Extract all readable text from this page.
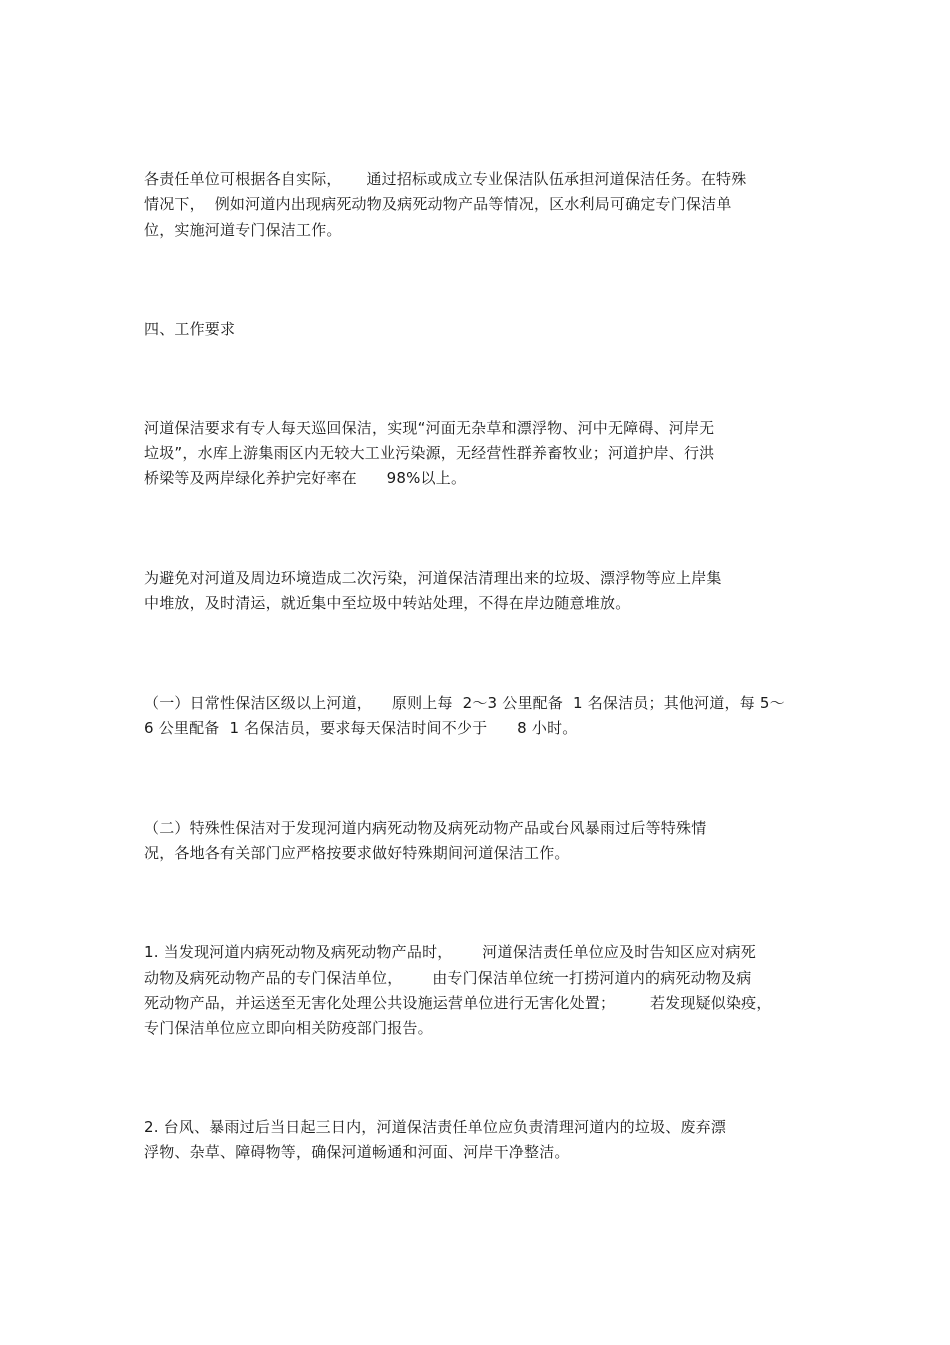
各责任单位可根据各自实际，     通过招标或成立专业保洁队伍承担河道保洁任务。在特殊
情况下，  例如河道内出现病死动物及病死动物产品等情况，区水利局可确定专门保洁单
位，实施河道专门保洁工作。
四、工作要求
河道保洁要求有专人每天巡回保洁，实现“河面无杂草和漂浮物、河中无障碍、河岸无
垃圾”，水库上游集雨区内无较大工业污染源，无经营性群养畜牧业；河道护岸、行洪
桥梁等及两岸绿化养护完好率在      98%以上。
为避免对河道及周边环境造成二次污染，河道保洁清理出来的垃圾、漂浮物等应上岸集
中堆放，及时清运，就近集中至垃圾中转站处理，不得在岸边随意堆放。
（一）日常性保洁区级以上河道，    原则上每  2～3 公里配备  1 名保洁员；其他河道，每 5～
6 公里配备  1 名保洁员，要求每天保洁时间不少于      8 小时。
（二）特殊性保洁对于发现河道内病死动物及病死动物产品或台风暴雨过后等特殊情
况，各地各有关部门应严格按要求做好特殊期间河道保洁工作。
1. 当发现河道内病死动物及病死动物产品时，      河道保洁责任单位应及时告知区应对病死
动物及病死动物产品的专门保洁单位，      由专门保洁单位统一打捞河道内的病死动物及病
死动物产品，并运送至无害化处理公共设施运营单位进行无害化处置；       若发现疑似染疫，
专门保洁单位应立即向相关防疫部门报告。
2. 台风、暴雨过后当日起三日内，河道保洁责任单位应负责清理河道内的垃圾、废弃漂
浮物、杂草、障碍物等，确保河道畅通和河面、河岸干净整洁。
